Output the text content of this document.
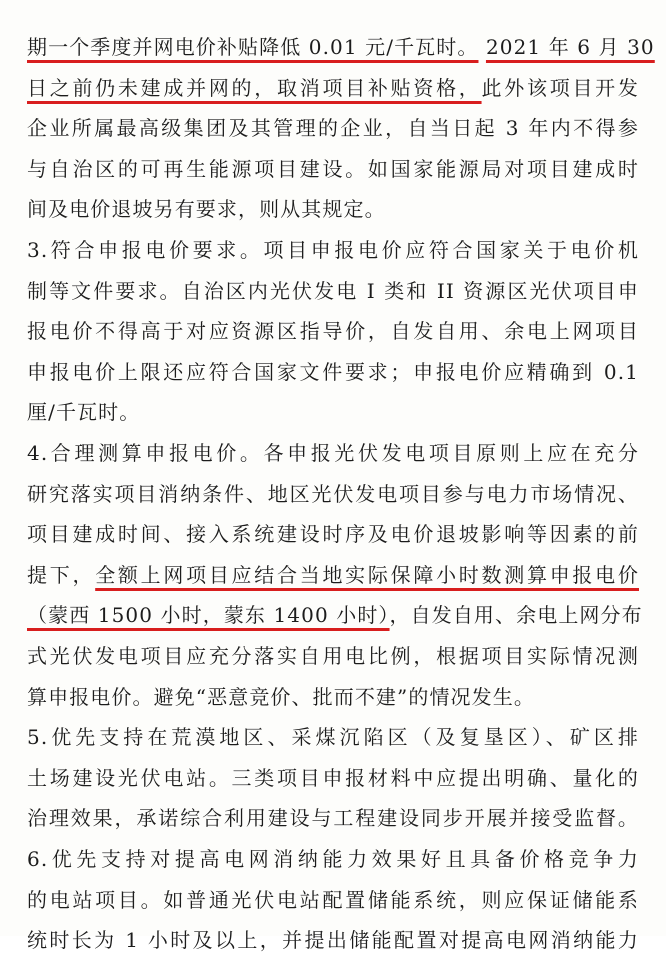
期一个季度并网电价补贴降低 0.01 元/千瓦时。 2021 年 6 月 30
日之前仍未建成并网的，取消项目补贴资格，此外该项目开发
企业所属最高级集团及其管理的企业，自当日起 3 年内不得参
与自治区的可再生能源项目建设。如国家能源局对项目建成时
间及电价退坡另有要求，则从其规定。
3.符合申报电价要求。项目申报电价应符合国家关于电价机
制等文件要求。自治区内光伏发电 I 类和 II 资源区光伏项目申
报电价不得高于对应资源区指导价，自发自用、余电上网项目
申报电价上限还应符合国家文件要求；申报电价应精确到 0.1
厘/千瓦时。
4.合理测算申报电价。各申报光伏发电项目原则上应在充分
研究落实项目消纳条件、地区光伏发电项目参与电力市场情况、
项目建成时间、接入系统建设时序及电价退坡影响等因素的前
提下，全额上网项目应结合当地实际保障小时数测算申报电价
（蒙西 1500 小时，蒙东 1400 小时），自发自用、余电上网分布
式光伏发电项目应充分落实自用电比例，根据项目实际情况测
算申报电价。避免“恶意竞价、批而不建”的情况发生。
5.优先支持在荒漠地区、采煤沉陷区（及复垦区）、矿区排
土场建设光伏电站。三类项目申报材料中应提出明确、量化的
治理效果，承诺综合利用建设与工程建设同步开展并接受监督。
6.优先支持对提高电网消纳能力效果好且具备价格竞争力
的电站项目。如普通光伏电站配置储能系统，则应保证储能系
统时长为 1 小时及以上，并提出储能配置对提高电网消纳能力
